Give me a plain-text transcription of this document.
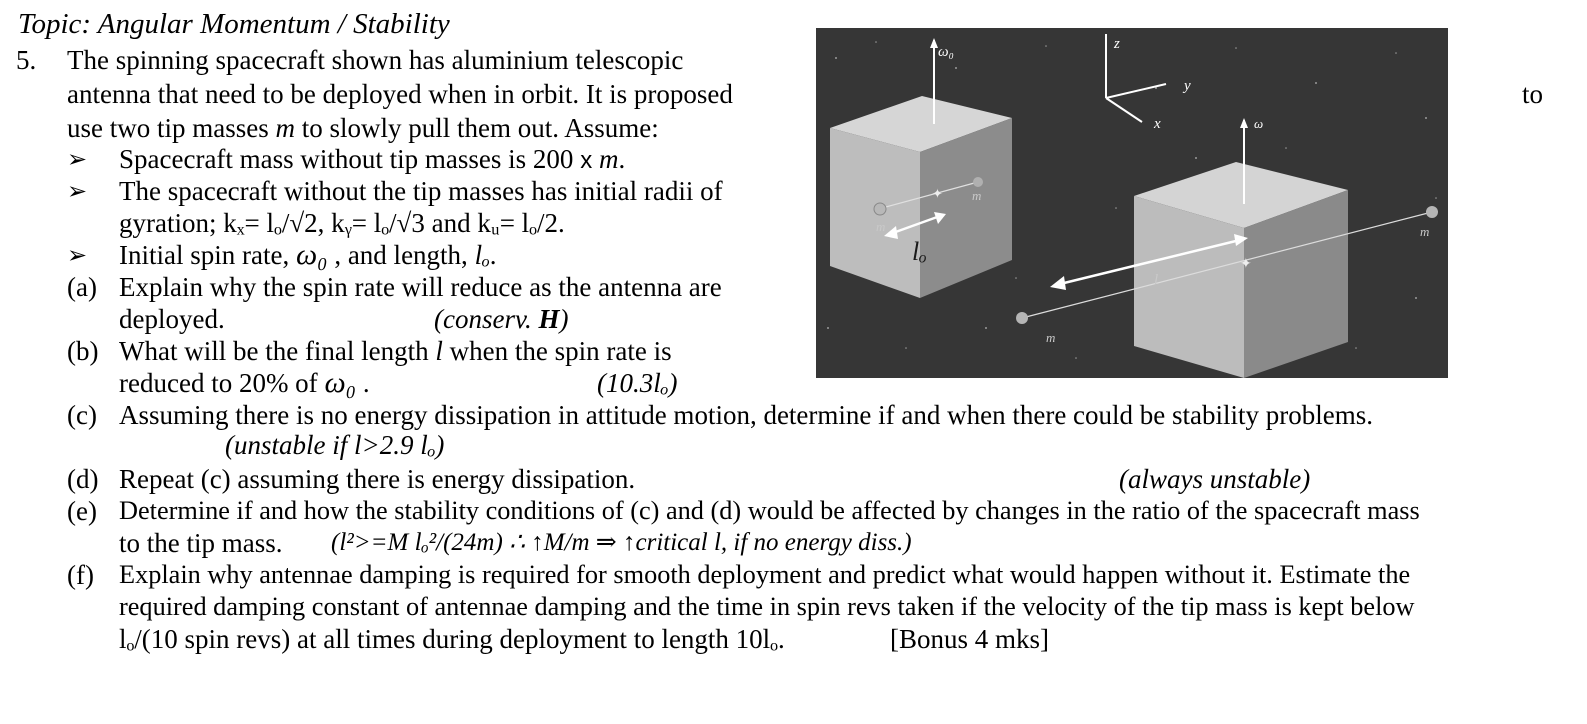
Topic: Angular Momentum / Stability
5. The spinning spacecraft shown has aluminium telescopic
antenna that need to be deployed when in orbit. It is proposed	to
use two tip masses m to slowly pull them out. Assume:
➢ Spacecraft mass without tip masses is 200 x m.
➢ The spacecraft without the tip masses has initial radii of
gyration; kₓ= lₒ/√2, kᵧ= lₒ/√3 and kᵤ= lₒ/2.
➢ Initial spin rate, ω₀ , and length, lₒ.
(a) Explain why the spin rate will reduce as the antenna are
deployed.	(conserv. H)
(b) What will be the final length l when the spin rate is
reduced to 20% of ω₀ .	(10.3lₒ)
(c) Assuming there is no energy dissipation in attitude motion, determine if and when there could be stability problems.
(unstable if l>2.9 lₒ)
(d) Repeat (c) assuming there is energy dissipation.	(always unstable)
(e) Determine if and how the stability conditions of (c) and (d) would be affected by changes in the ratio of the spacecraft mass
to the tip mass. (l²>=M lₒ²/(24m) ∴ ↑M/m ⇒ ↑critical l, if no energy diss.)
(f) Explain why antennae damping is required for smooth deployment and predict what would happen without it. Estimate the
required damping constant of antennae damping and the time in spin revs taken if the velocity of the tip mass is kept below
lₒ/(10 spin revs) at all times during deployment to length 10lₒ.	[Bonus 4 mks]
✦
✦
ω₀	z
y
x	ω
m
m
lₒ
l
m
m
